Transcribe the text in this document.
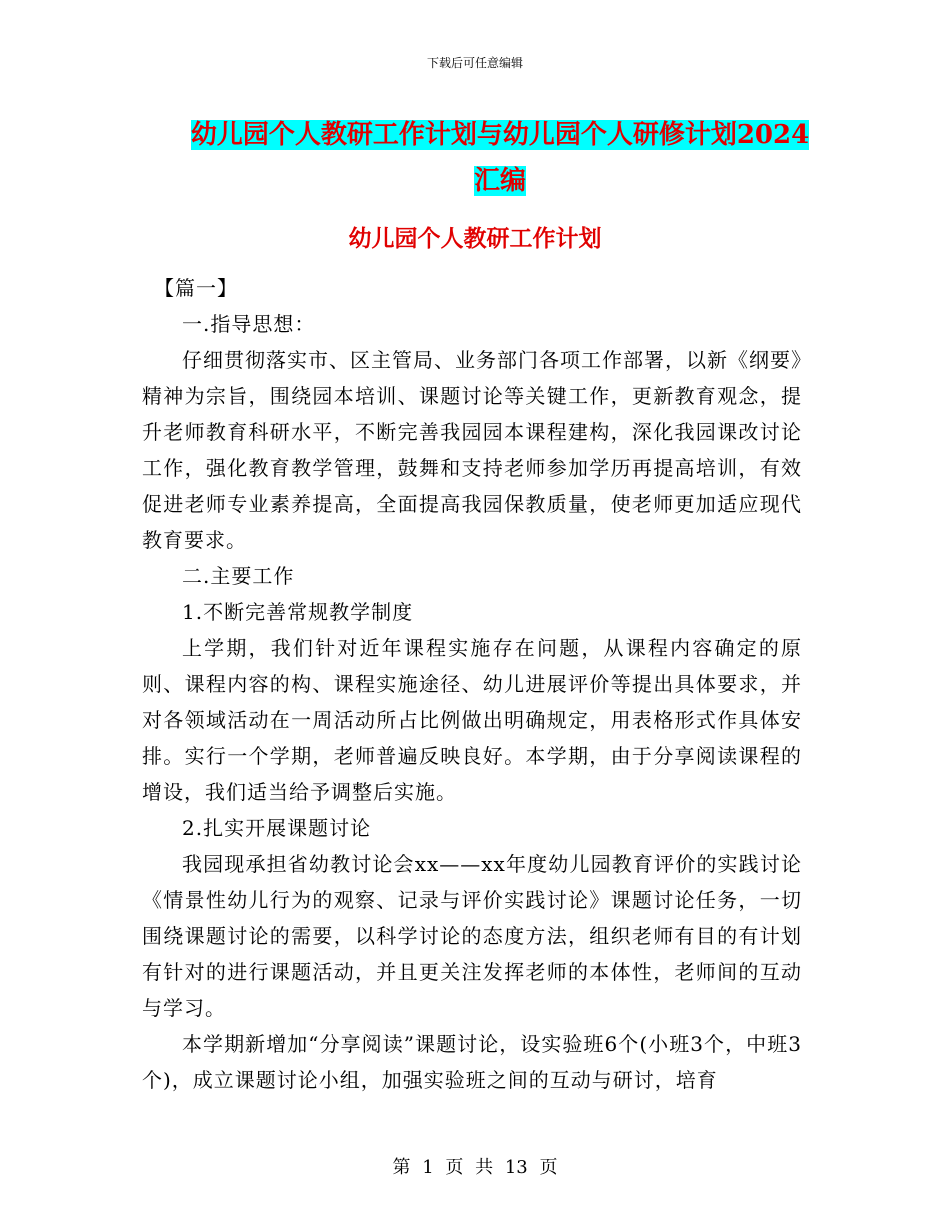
下载后可任意编辑
幼儿园个人教研工作计划与幼儿园个人研修计划2024汇编
幼儿园个人教研工作计划

【篇一】

一.指导思想：

仔细贯彻落实市、区主管局、业务部门各项工作部署，以新《纲要》精神为宗旨，围绕园本培训、课题讨论等关键工作，更新教育观念，提升老师教育科研水平，不断完善我园园本课程建构，深化我园课改讨论工作，强化教育教学管理，鼓舞和支持老师参加学历再提高培训，有效促进老师专业素养提高，全面提高我园保教质量，使老师更加适应现代教育要求。

二.主要工作

1.不断完善常规教学制度

上学期，我们针对近年课程实施存在问题，从课程内容确定的原则、课程内容的构、课程实施途径、幼儿进展评价等提出具体要求，并对各领域活动在一周活动所占比例做出明确规定，用表格形式作具体安排。实行一个学期，老师普遍反映良好。本学期，由于分享阅读课程的增设，我们适当给予调整后实施。

2.扎实开展课题讨论

我园现承担省幼教讨论会xx——xx年度幼儿园教育评价的实践讨论《情景性幼儿行为的观察、记录与评价实践讨论》课题讨论任务，一切围绕课题讨论的需要，以科学讨论的态度方法，组织老师有目的有计划有针对的进行课题活动，并且更关注发挥老师的本体性，老师间的互动与学习。

本学期新增加“分享阅读”课题讨论，设实验班6个(小班3个，中班3个)，成立课题讨论小组，加强实验班之间的互动与研讨，培育

第 1 页 共 13 页
